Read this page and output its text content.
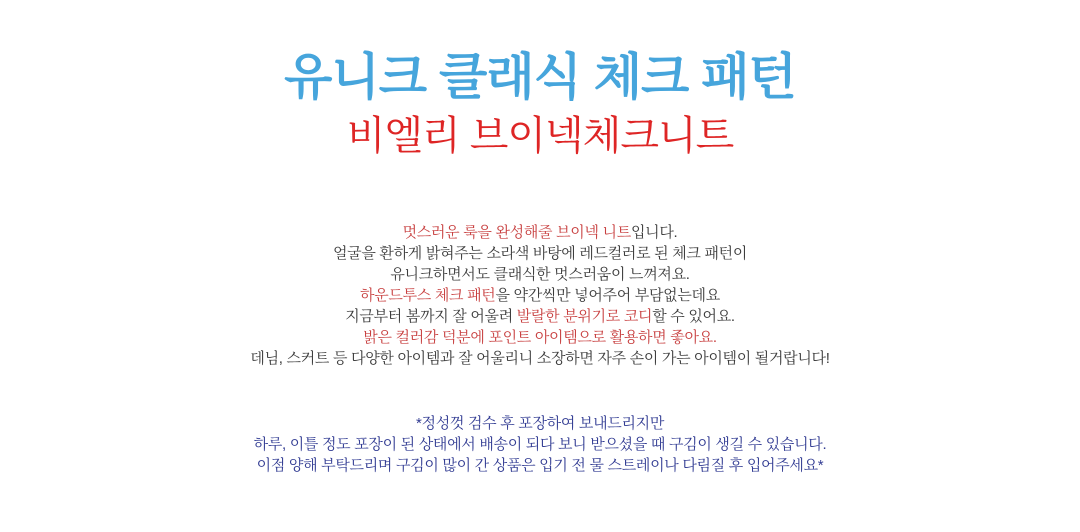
유니크 클래식 체크 패턴
비엘리 브이넥체크니트

멋스러운 룩을 완성해줄 브이넥 니트입니다.

얼굴을 환하게 밝혀주는 소라색 바탕에 레드컬러로 된 체크 패턴이

유니크하면서도 클래식한 멋스러움이 느껴져요.

하운드투스 체크 패턴을 약간씩만 넣어주어 부담없는데요

지금부터 봄까지 잘 어울려 발랄한 분위기로 코디할 수 있어요.

밝은 컬러감 덕분에 포인트 아이템으로 활용하면 좋아요.

데님, 스커트 등 다양한 아이템과 잘 어울리니 소장하면 자주 손이 가는 아이템이 될거랍니다!

*정성껏 검수 후 포장하여 보내드리지만

하루, 이틀 정도 포장이 된 상태에서 배송이 되다 보니 받으셨을 때 구김이 생길 수 있습니다.

이점 양해 부탁드리며 구김이 많이 간 상품은 입기 전 물 스트레이나 다림질 후 입어주세요*
